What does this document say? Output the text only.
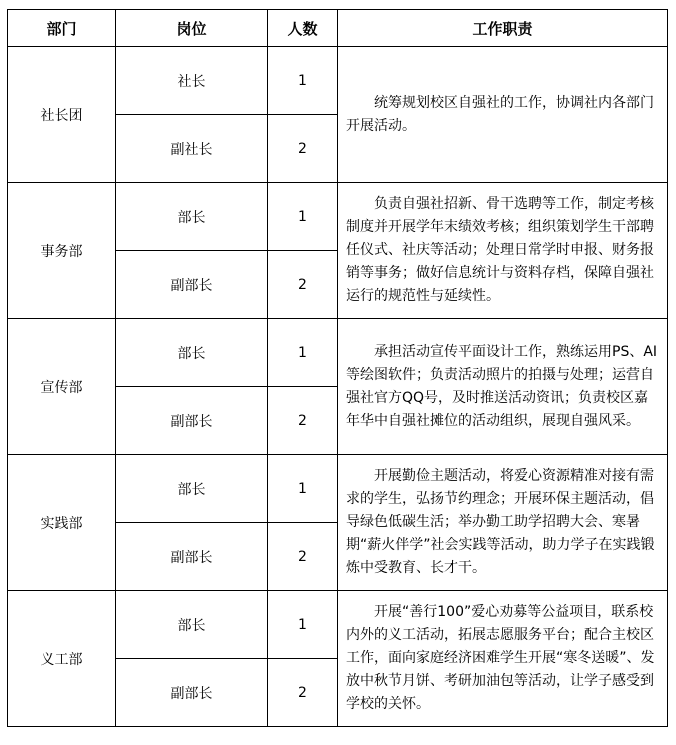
部门	岗位	人数	工作职责
社长团	社长	1	统筹规划校区自强社的工作，协调社内各部门开展活动。

	副社长	2	
事务部	部长	1	负责自强社招新、骨干选聘等工作，制定考核制度并开展学年末绩效考核；组织策划学生干部聘任仪式、社庆等活动；处理日常学时申报、财务报销等事务；做好信息统计与资料存档，保障自强社运行的规范性与延续性。

	副部长	2	
宣传部	部长	1	承担活动宣传平面设计工作，熟练运用PS、AI等绘图软件；负责活动照片的拍摄与处理；运营自强社官方QQ号，及时推送活动资讯；负责校区嘉年华中自强社摊位的活动组织，展现自强风采。

	副部长	2	
实践部	部长	1	开展勤俭主题活动，将爱心资源精准对接有需求的学生，弘扬节约理念；开展环保主题活动，倡导绿色低碳生活；举办勤工助学招聘大会、寒暑期“薪火伴学”社会实践等活动，助力学子在实践锻炼中受教育、长才干。

	副部长	2	
义工部	部长	1	开展“善行100”爱心劝募等公益项目，联系校内外的义工活动，拓展志愿服务平台；配合主校区工作，面向家庭经济困难学生开展“寒冬送暖”、发放中秋节月饼、考研加油包等活动，让学子感受到学校的关怀。

	副部长	2	
